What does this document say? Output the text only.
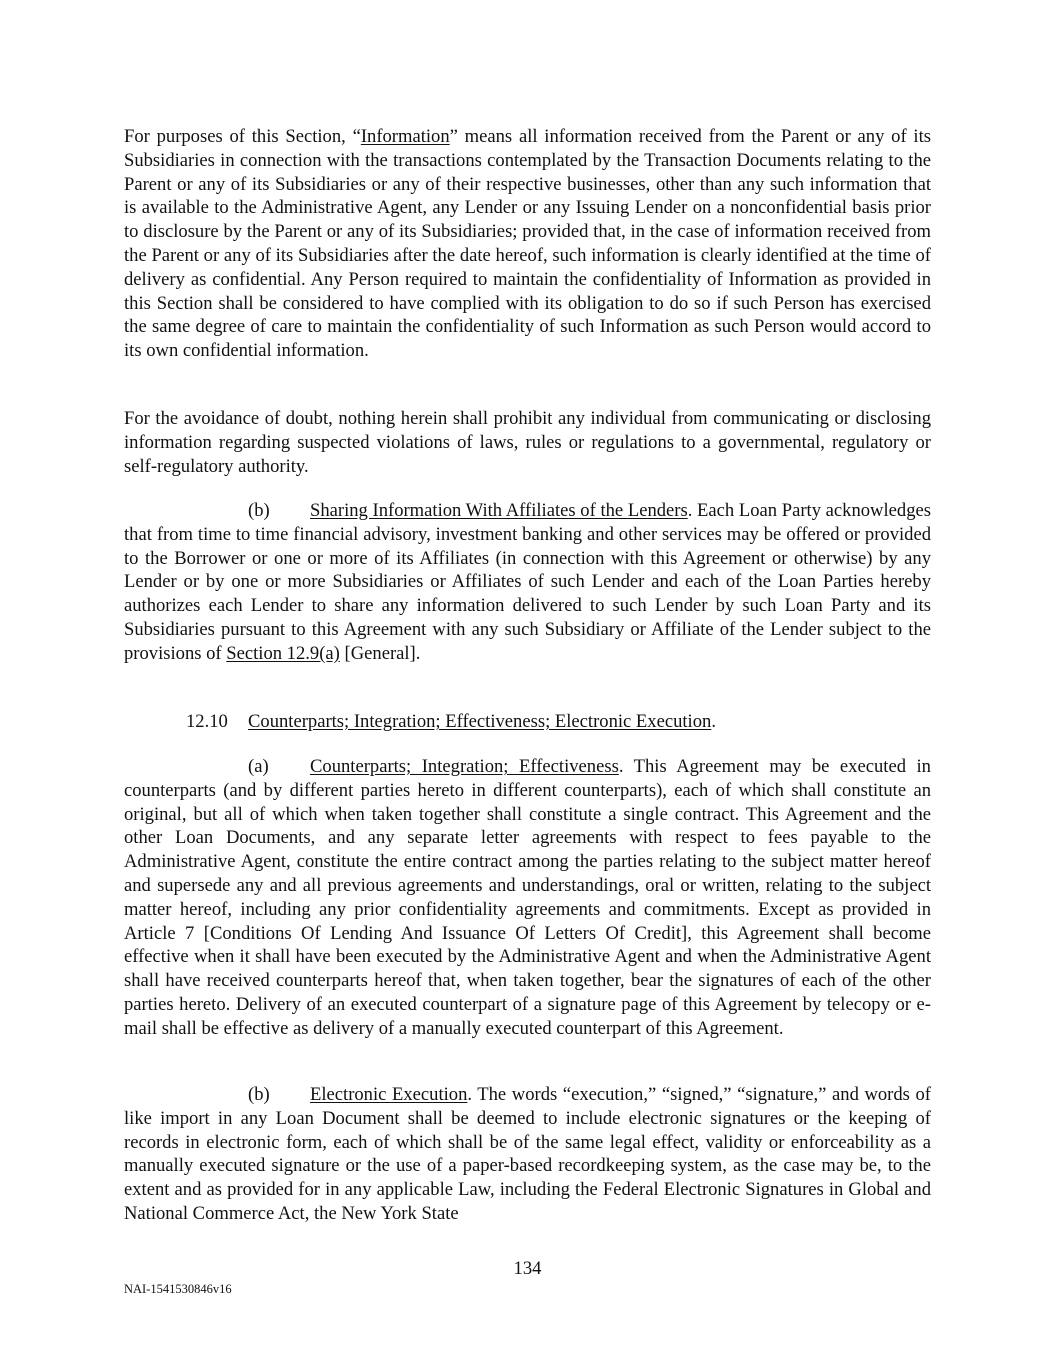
For purposes of this Section, “Information” means all information received from the Parent or any of its Subsidiaries in connection with the transactions contemplated by the Transaction Documents relating to the Parent or any of its Subsidiaries or any of their respective businesses, other than any such information that is available to the Administrative Agent, any Lender or any Issuing Lender on a nonconfidential basis prior to disclosure by the Parent or any of its Subsidiaries; provided that, in the case of information received from the Parent or any of its Subsidiaries after the date hereof, such information is clearly identified at the time of delivery as confidential. Any Person required to maintain the confidentiality of Information as provided in this Section shall be considered to have complied with its obligation to do so if such Person has exercised the same degree of care to maintain the confidentiality of such Information as such Person would accord to its own confidential information.

For the avoidance of doubt, nothing herein shall prohibit any individual from communicating or disclosing information regarding suspected violations of laws, rules or regulations to a governmental, regulatory or self-regulatory authority.

(b) Sharing Information With Affiliates of the Lenders. Each Loan Party acknowledges that from time to time financial advisory, investment banking and other services may be offered or provided to the Borrower or one or more of its Affiliates (in connection with this Agreement or otherwise) by any Lender or by one or more Subsidiaries or Affiliates of such Lender and each of the Loan Parties hereby authorizes each Lender to share any information delivered to such Lender by such Loan Party and its Subsidiaries pursuant to this Agreement with any such Subsidiary or Affiliate of the Lender subject to the provisions of Section 12.9(a) [General].

12.10 Counterparts; Integration; Effectiveness; Electronic Execution.

(a) Counterparts; Integration; Effectiveness. This Agreement may be executed in counterparts (and by different parties hereto in different counterparts), each of which shall constitute an original, but all of which when taken together shall constitute a single contract. This Agreement and the other Loan Documents, and any separate letter agreements with respect to fees payable to the Administrative Agent, constitute the entire contract among the parties relating to the subject matter hereof and supersede any and all previous agreements and understandings, oral or written, relating to the subject matter hereof, including any prior confidentiality agreements and commitments. Except as provided in Article 7 [Conditions Of Lending And Issuance Of Letters Of Credit], this Agreement shall become effective when it shall have been executed by the Administrative Agent and when the Administrative Agent shall have received counterparts hereof that, when taken together, bear the signatures of each of the other parties hereto. Delivery of an executed counterpart of a signature page of this Agreement by telecopy or e-mail shall be effective as delivery of a manually executed counterpart of this Agreement.

(b) Electronic Execution. The words “execution,” “signed,” “signature,” and words of like import in any Loan Document shall be deemed to include electronic signatures or the keeping of records in electronic form, each of which shall be of the same legal effect, validity or enforceability as a manually executed signature or the use of a paper-based recordkeeping system, as the case may be, to the extent and as provided for in any applicable Law, including the Federal Electronic Signatures in Global and National Commerce Act, the New York State

134
NAI-1541530846v16
